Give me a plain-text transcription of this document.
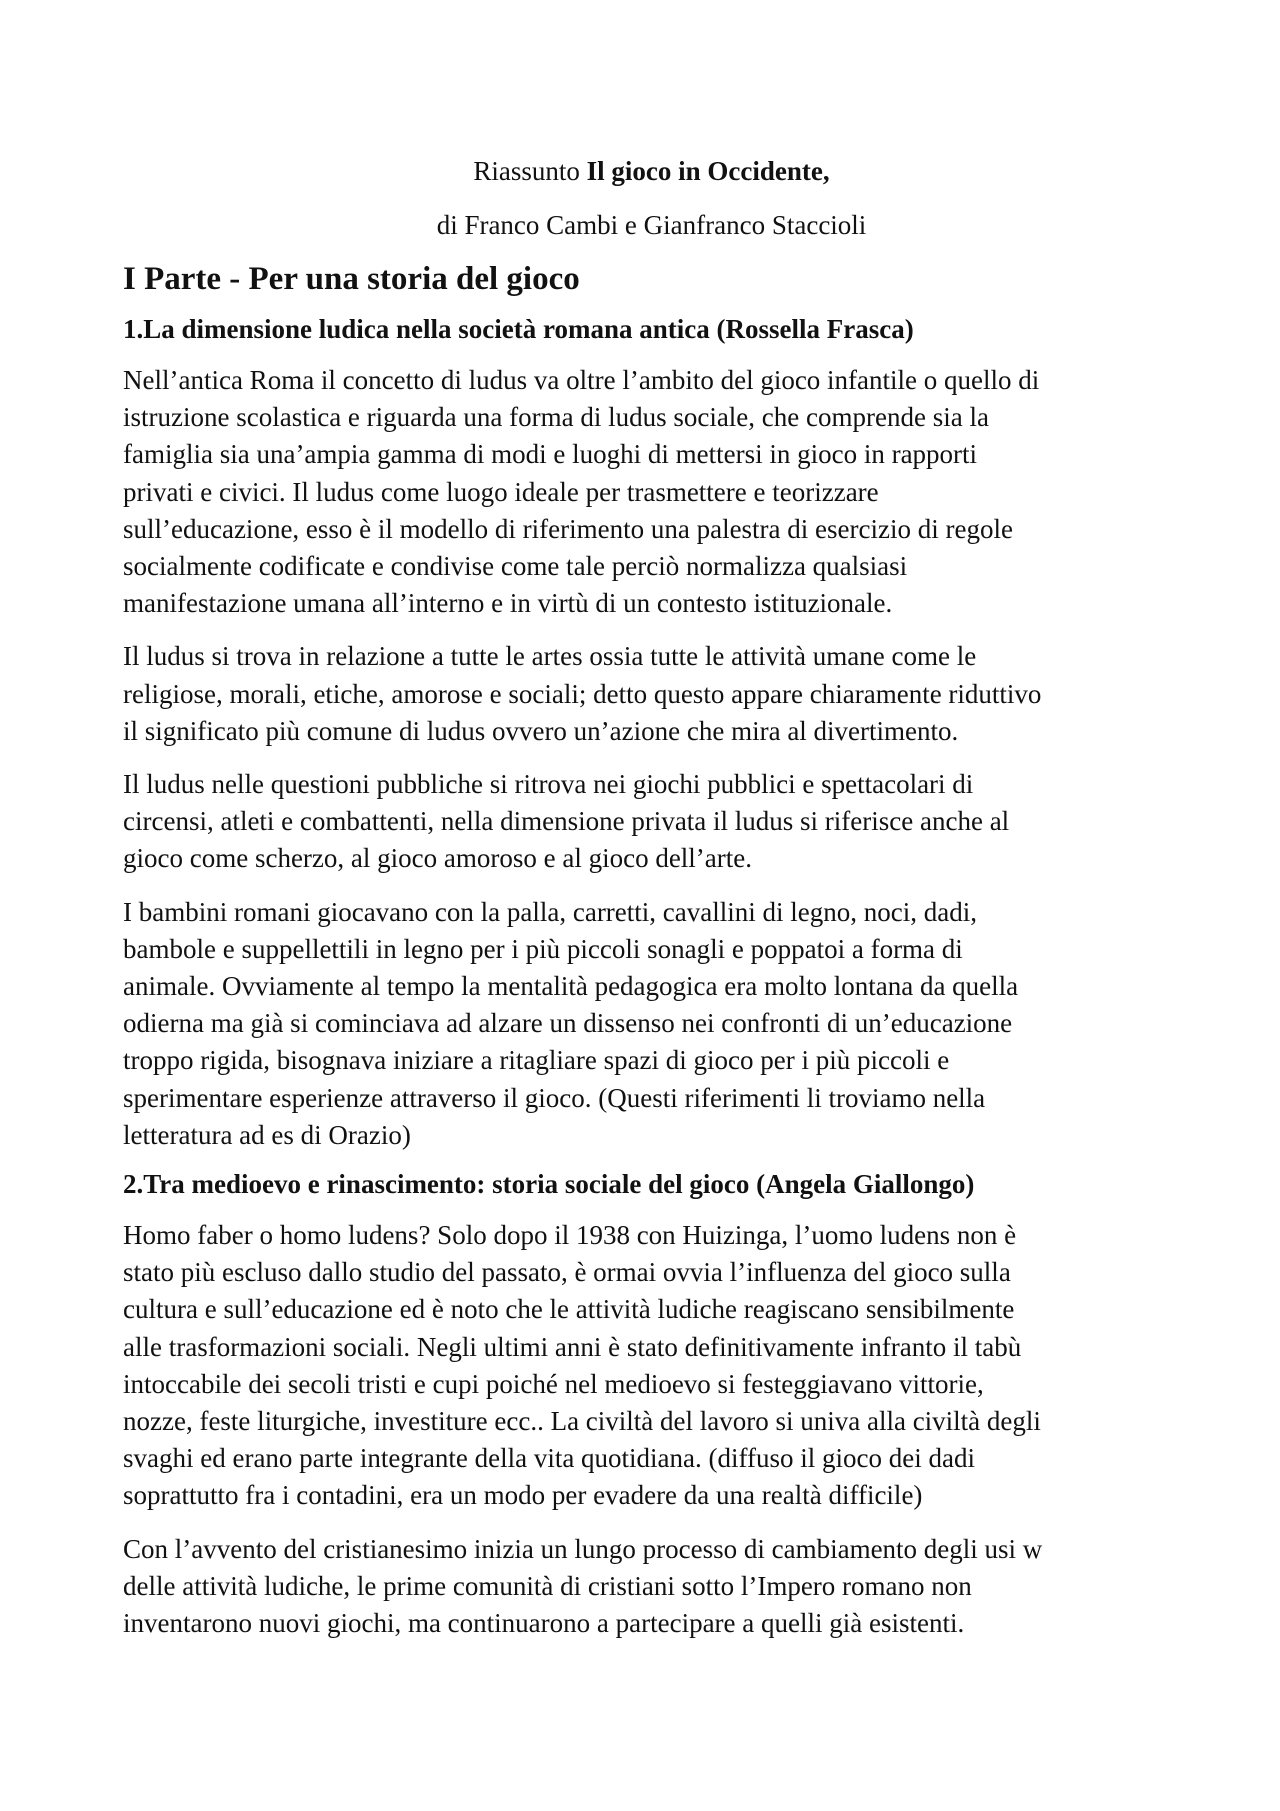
Riassunto Il gioco in Occidente,

di Franco Cambi e Gianfranco Staccioli

I Parte - Per una storia del gioco
1.La dimensione ludica nella società romana antica (Rossella Frasca)

Nell’antica Roma il concetto di ludus va oltre l’ambito del gioco infantile o quello di
istruzione scolastica e riguarda una forma di ludus sociale, che comprende sia la
famiglia sia una’ampia gamma di modi e luoghi di mettersi in gioco in rapporti
privati e civici. Il ludus come luogo ideale per trasmettere e teorizzare
sull’educazione, esso è il modello di riferimento una palestra di esercizio di regole
socialmente codificate e condivise come tale perciò normalizza qualsiasi
manifestazione umana all’interno e in virtù di un contesto istituzionale.

Il ludus si trova in relazione a tutte le artes ossia tutte le attività umane come le
religiose, morali, etiche, amorose e sociali; detto questo appare chiaramente riduttivo
il significato più comune di ludus ovvero un’azione che mira al divertimento.

Il ludus nelle questioni pubbliche si ritrova nei giochi pubblici e spettacolari di
circensi, atleti e combattenti, nella dimensione privata il ludus si riferisce anche al
gioco come scherzo, al gioco amoroso e al gioco dell’arte.

I bambini romani giocavano con la palla, carretti, cavallini di legno, noci, dadi,
bambole e suppellettili in legno per i più piccoli sonagli e poppatoi a forma di
animale. Ovviamente al tempo la mentalità pedagogica era molto lontana da quella
odierna ma già si cominciava ad alzare un dissenso nei confronti di un’educazione
troppo rigida, bisognava iniziare a ritagliare spazi di gioco per i più piccoli e
sperimentare esperienze attraverso il gioco. (Questi riferimenti li troviamo nella
letteratura ad es di Orazio)

2.Tra medioevo e rinascimento: storia sociale del gioco (Angela Giallongo)

Homo faber o homo ludens? Solo dopo il 1938 con Huizinga, l’uomo ludens non è
stato più escluso dallo studio del passato, è ormai ovvia l’influenza del gioco sulla
cultura e sull’educazione ed è noto che le attività ludiche reagiscano sensibilmente
alle trasformazioni sociali. Negli ultimi anni è stato definitivamente infranto il tabù
intoccabile dei secoli tristi e cupi poiché nel medioevo si festeggiavano vittorie,
nozze, feste liturgiche, investiture ecc.. La civiltà del lavoro si univa alla civiltà degli
svaghi ed erano parte integrante della vita quotidiana. (diffuso il gioco dei dadi
soprattutto fra i contadini, era un modo per evadere da una realtà difficile)

Con l’avvento del cristianesimo inizia un lungo processo di cambiamento degli usi w
delle attività ludiche, le prime comunità di cristiani sotto l’Impero romano non
inventarono nuovi giochi, ma continuarono a partecipare a quelli già esistenti.
